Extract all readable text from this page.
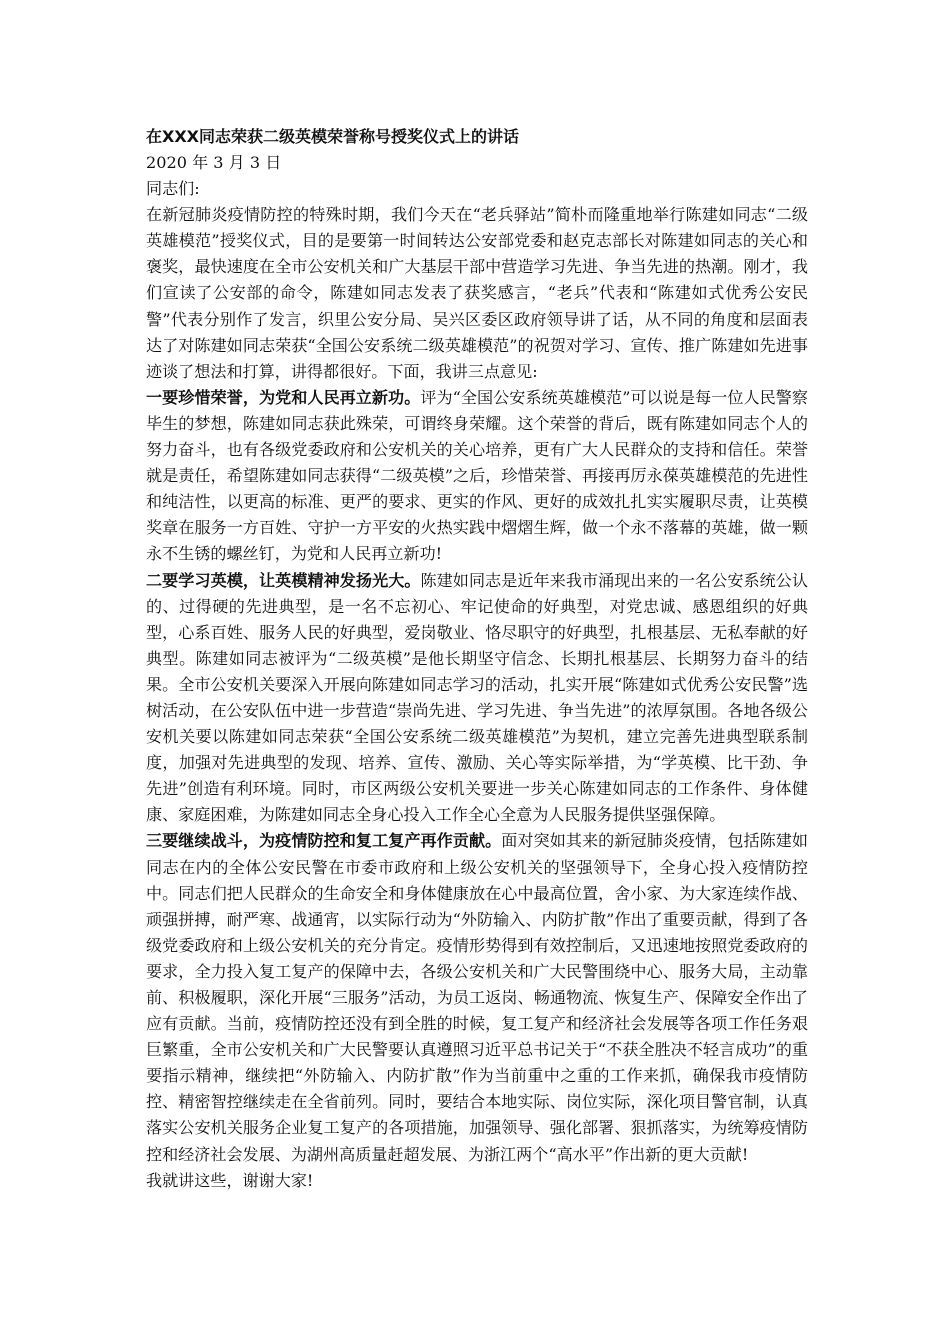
在XXX同志荣获二级英模荣誉称号授奖仪式上的讲话

2020 年 3 月 3 日

同志们:

在新冠肺炎疫情防控的特殊时期，我们今天在“老兵驿站”简朴而隆重地举行陈建如同志“二级英雄模范”授奖仪式，目的是要第一时间转达公安部党委和赵克志部长对陈建如同志的关心和褒奖，最快速度在全市公安机关和广大基层干部中营造学习先进、争当先进的热潮。刚才，我们宣读了公安部的命令，陈建如同志发表了获奖感言，“老兵”代表和“陈建如式优秀公安民警”代表分别作了发言，织里公安分局、吴兴区委区政府领导讲了话，从不同的角度和层面表达了对陈建如同志荣获“全国公安系统二级英雄模范”的祝贺对学习、宣传、推广陈建如先进事迹谈了想法和打算，讲得都很好。下面，我讲三点意见:

一要珍惜荣誉，为党和人民再立新功。评为“全国公安系统英雄模范”可以说是每一位人民警察毕生的梦想，陈建如同志获此殊荣，可谓终身荣耀。这个荣誉的背后，既有陈建如同志个人的努力奋斗，也有各级党委政府和公安机关的关心培养，更有广大人民群众的支持和信任。荣誉就是责任，希望陈建如同志获得“二级英模”之后，珍惜荣誉、再接再厉永葆英雄模范的先进性和纯洁性，以更高的标准、更严的要求、更实的作风、更好的成效扎扎实实履职尽责，让英模奖章在服务一方百姓、守护一方平安的火热实践中熠熠生辉，做一个永不落幕的英雄，做一颗永不生锈的螺丝钉，为党和人民再立新功!

二要学习英模，让英模精神发扬光大。陈建如同志是近年来我市涌现出来的一名公安系统公认的、过得硬的先进典型，是一名不忘初心、牢记使命的好典型，对党忠诚、感恩组织的好典型，心系百姓、服务人民的好典型，爱岗敬业、恪尽职守的好典型，扎根基层、无私奉献的好典型。陈建如同志被评为“二级英模”是他长期坚守信念、长期扎根基层、长期努力奋斗的结果。全市公安机关要深入开展向陈建如同志学习的活动，扎实开展“陈建如式优秀公安民警”选树活动，在公安队伍中进一步营造“崇尚先进、学习先进、争当先进”的浓厚氛围。各地各级公安机关要以陈建如同志荣获“全国公安系统二级英雄模范”为契机，建立完善先进典型联系制度，加强对先进典型的发现、培养、宣传、激励、关心等实际举措，为“学英模、比干劲、争先进”创造有利环境。同时，市区两级公安机关要进一步关心陈建如同志的工作条件、身体健康、家庭困难，为陈建如同志全身心投入工作全心全意为人民服务提供坚强保障。

三要继续战斗，为疫情防控和复工复产再作贡献。面对突如其来的新冠肺炎疫情，包括陈建如同志在内的全体公安民警在市委市政府和上级公安机关的坚强领导下，全身心投入疫情防控中。同志们把人民群众的生命安全和身体健康放在心中最高位置，舍小家、为大家连续作战、顽强拼搏，耐严寒、战通宵，以实际行动为“外防输入、内防扩散”作出了重要贡献，得到了各级党委政府和上级公安机关的充分肯定。疫情形势得到有效控制后，又迅速地按照党委政府的要求，全力投入复工复产的保障中去，各级公安机关和广大民警围绕中心、服务大局，主动靠前、积极履职，深化开展“三服务”活动，为员工返岗、畅通物流、恢复生产、保障安全作出了应有贡献。当前，疫情防控还没有到全胜的时候，复工复产和经济社会发展等各项工作任务艰巨繁重，全市公安机关和广大民警要认真遵照习近平总书记关于“不获全胜决不轻言成功”的重要指示精神，继续把“外防输入、内防扩散”作为当前重中之重的工作来抓，确保我市疫情防控、精密智控继续走在全省前列。同时，要结合本地实际、岗位实际，深化项目警官制，认真落实公安机关服务企业复工复产的各项措施，加强领导、强化部署、狠抓落实，为统筹疫情防控和经济社会发展、为湖州高质量赶超发展、为浙江两个“高水平”作出新的更大贡献!

我就讲这些，谢谢大家!
